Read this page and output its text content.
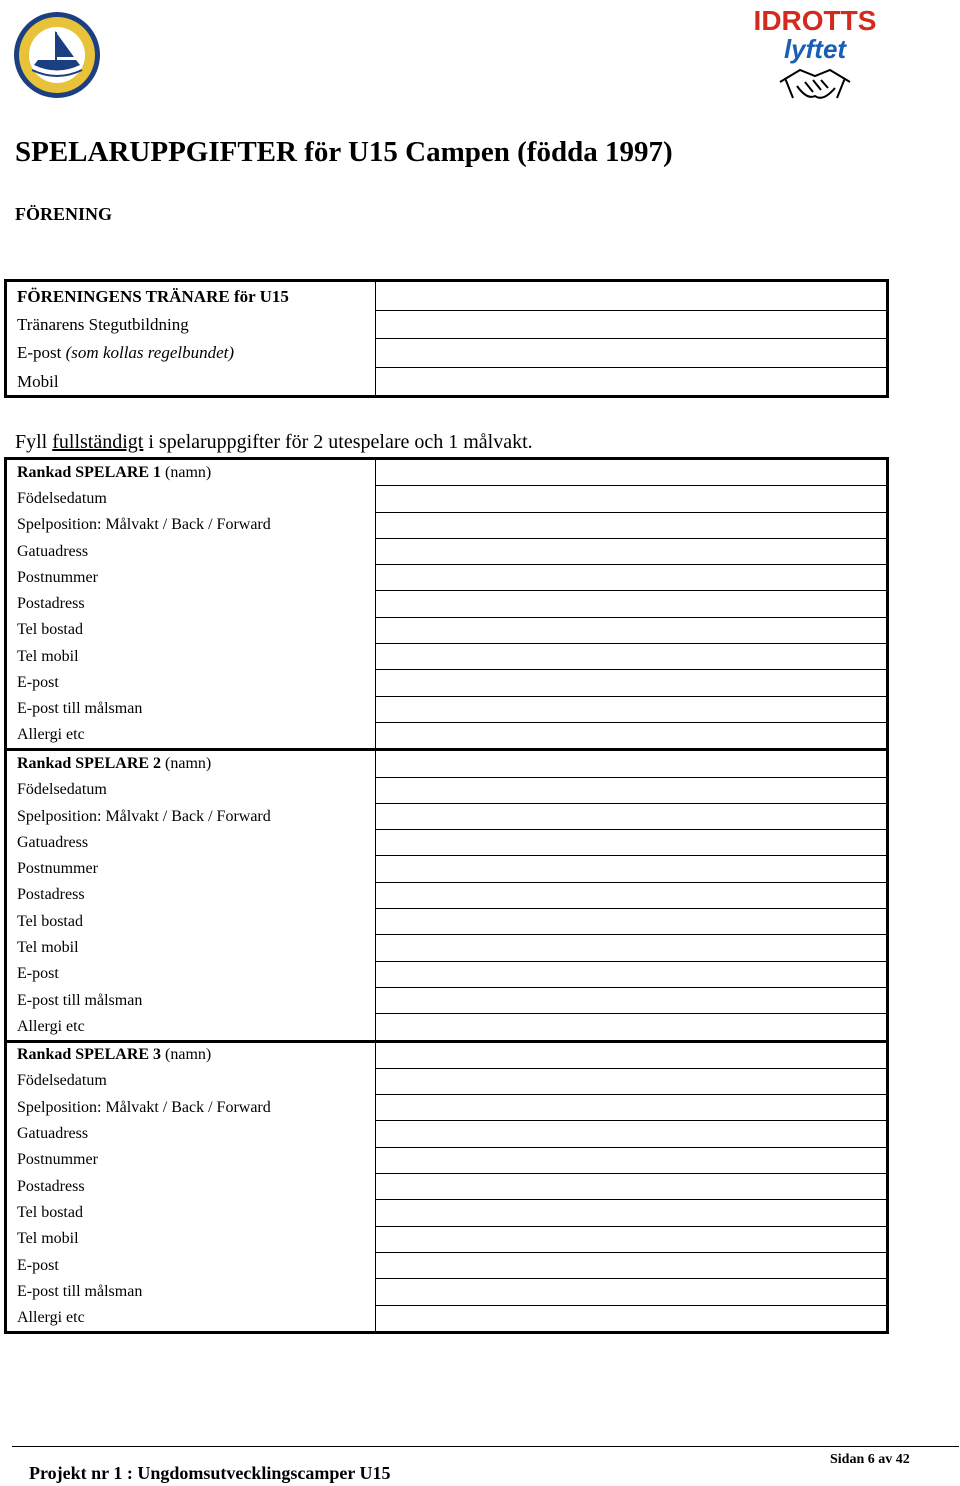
IDROTTS
lyftet
SPELARUPPGIFTER för U15 Campen (födda 1997)
FÖRENING
FÖRENINGENS TRÄNARE för U15	
Tränarens Stegutbildning	
E-post (som kollas regelbundet)	
Mobil	
Fyll fullständigt i spelaruppgifter för 2 utespelare och 1 målvakt.
Rankad SPELARE 1 (namn)	
Födelsedatum	
Spelposition: Målvakt / Back / Forward	
Gatuadress	
Postnummer	
Postadress	
Tel bostad	
Tel mobil	
E-post	
E-post till målsman	
Allergi etc	
Rankad SPELARE 2 (namn)	
Födelsedatum	
Spelposition: Målvakt / Back / Forward	
Gatuadress	
Postnummer	
Postadress	
Tel bostad	
Tel mobil	
E-post	
E-post till målsman	
Allergi etc	
Rankad SPELARE 3 (namn)	
Födelsedatum	
Spelposition: Målvakt / Back / Forward	
Gatuadress	
Postnummer	
Postadress	
Tel bostad	
Tel mobil	
E-post	
E-post till målsman	
Allergi etc	
Projekt nr 1 : Ungdomsutvecklingscamper U15
Sidan 6 av 42
